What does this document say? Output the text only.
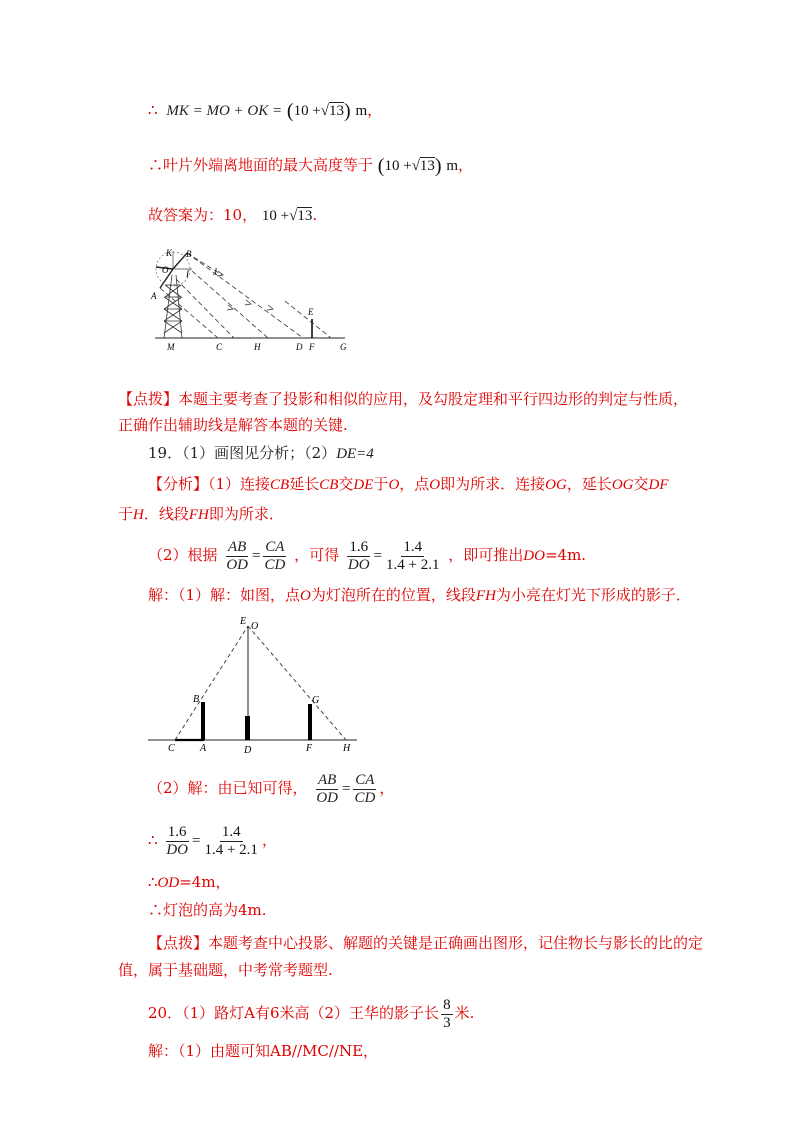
∴ MK = MO + OK = (10 +√13) m，
∴叶片外端离地面的最大高度等于 (10 +√13) m，
故答案为：10， 10 +√13.
K B
O I	J
A
E
M	C	H	D F	G
【点拨】本题主要考查了投影和相似的应用，及勾股定理和平行四边形的判定与性质，
正确作出辅助线是解答本题的关键.
19．（1）画图见分析；（2）DE=4
【分析】（1）连接CB延长CB交DE于O，点O即为所求．连接OG，延长OG交DF
于H．线段FH即为所求．
（2）根据 $\frac{AB}{OD} = \frac{CA}{CD}$ ，可得 $\frac{1.6}{DO} = \frac{1.4}{1.4 + 2.1}$ ，即可推出DO=4m.
解：（1）解：如图，点O为灯泡所在的位置，线段FH为小亮在灯光下形成的影子．
E O
B	G
C	A	D	F	H
（2）解：由已知可得， $\frac{AB}{OD} = \frac{CA}{CD}$ ，
∴ $\frac{1.6}{DO} = \frac{1.4}{1.4 + 2.1}$ ，
∴OD=4m，
∴灯泡的高为4m.
【点拨】本题考查中心投影、解题的关键是正确画出图形，记住物长与影长的比的定
值，属于基础题，中考常考题型.
20．（1）路灯A有6米高（2）王华的影子长 $\frac{8}{3}$ 米.
解：（1）由题可知AB//MC//NE，
